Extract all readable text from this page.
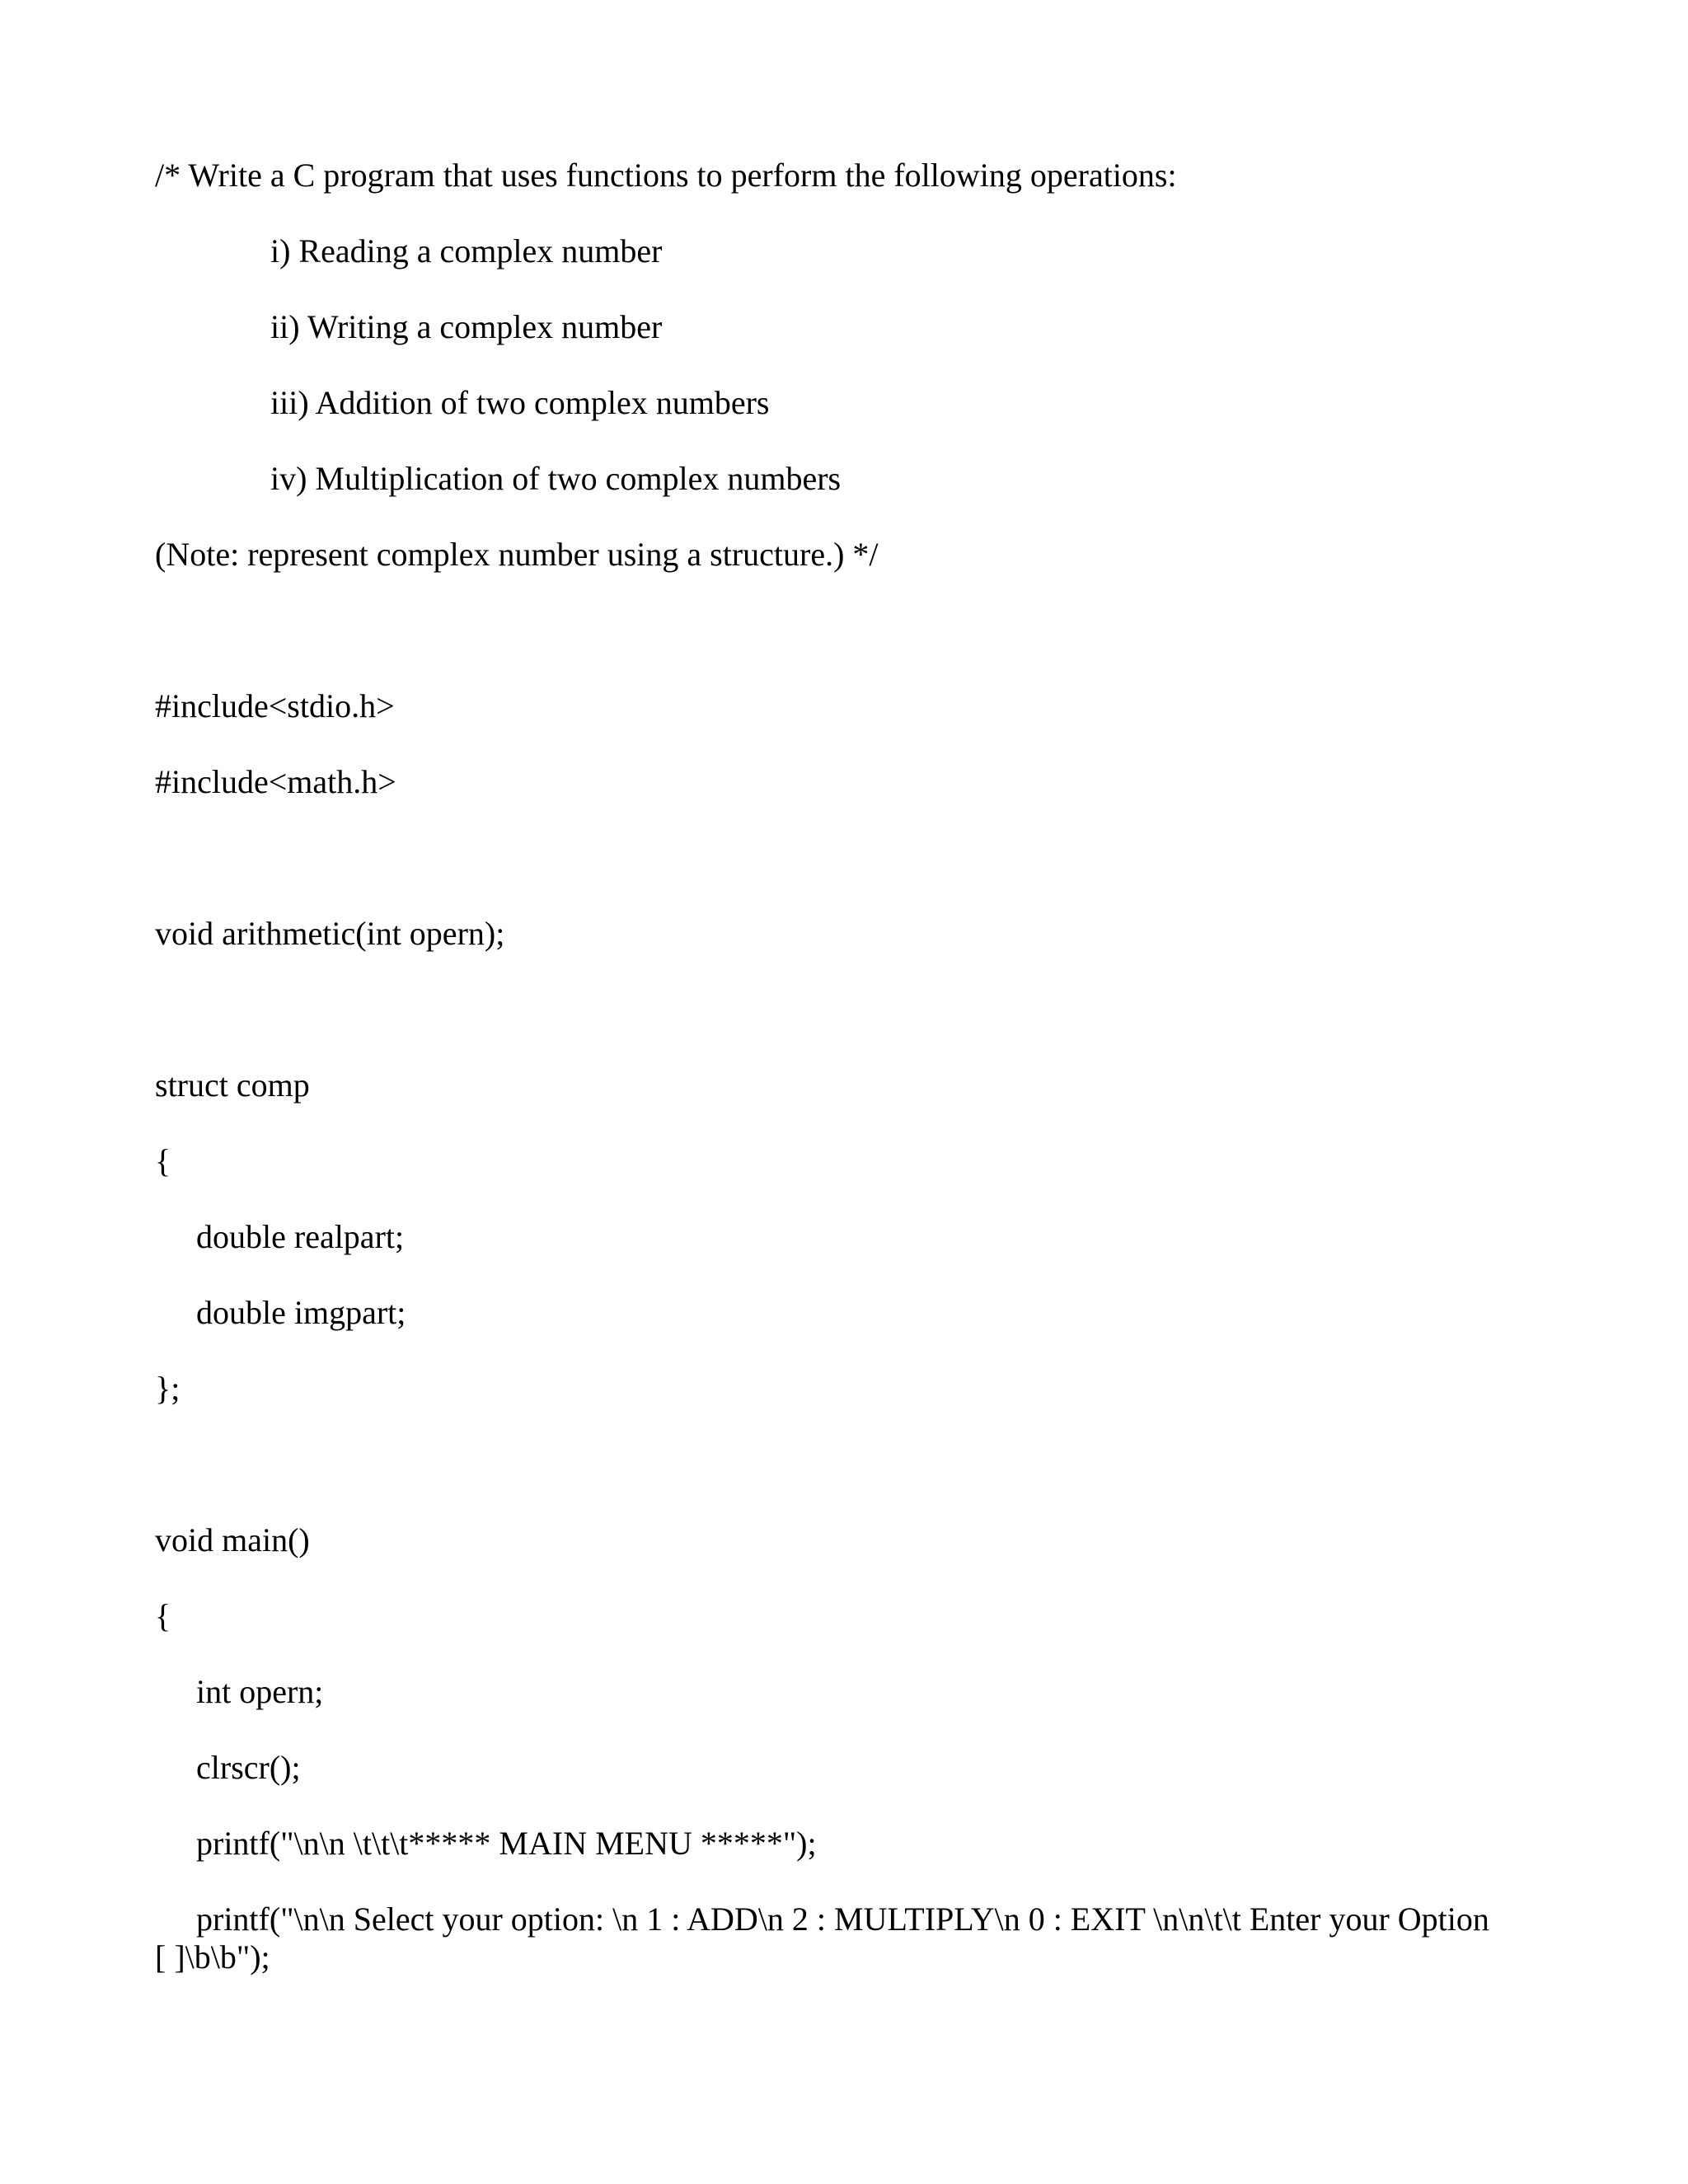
/* Write a C program that uses functions to perform the following operations:

i) Reading a complex number

ii) Writing a complex number

iii) Addition of two complex numbers

iv) Multiplication of two complex numbers

(Note: represent complex number using a structure.) */

#include<stdio.h>

#include<math.h>

void arithmetic(int opern);

struct comp

{

double realpart;

double imgpart;

};

void main()

{

int opern;

clrscr();

printf("\n\n \t\t\t***** MAIN MENU *****");

printf("\n\n Select your option: \n 1 : ADD\n 2 : MULTIPLY\n 0 : EXIT \n\n\t\t Enter your Option [ ]\b\b");
